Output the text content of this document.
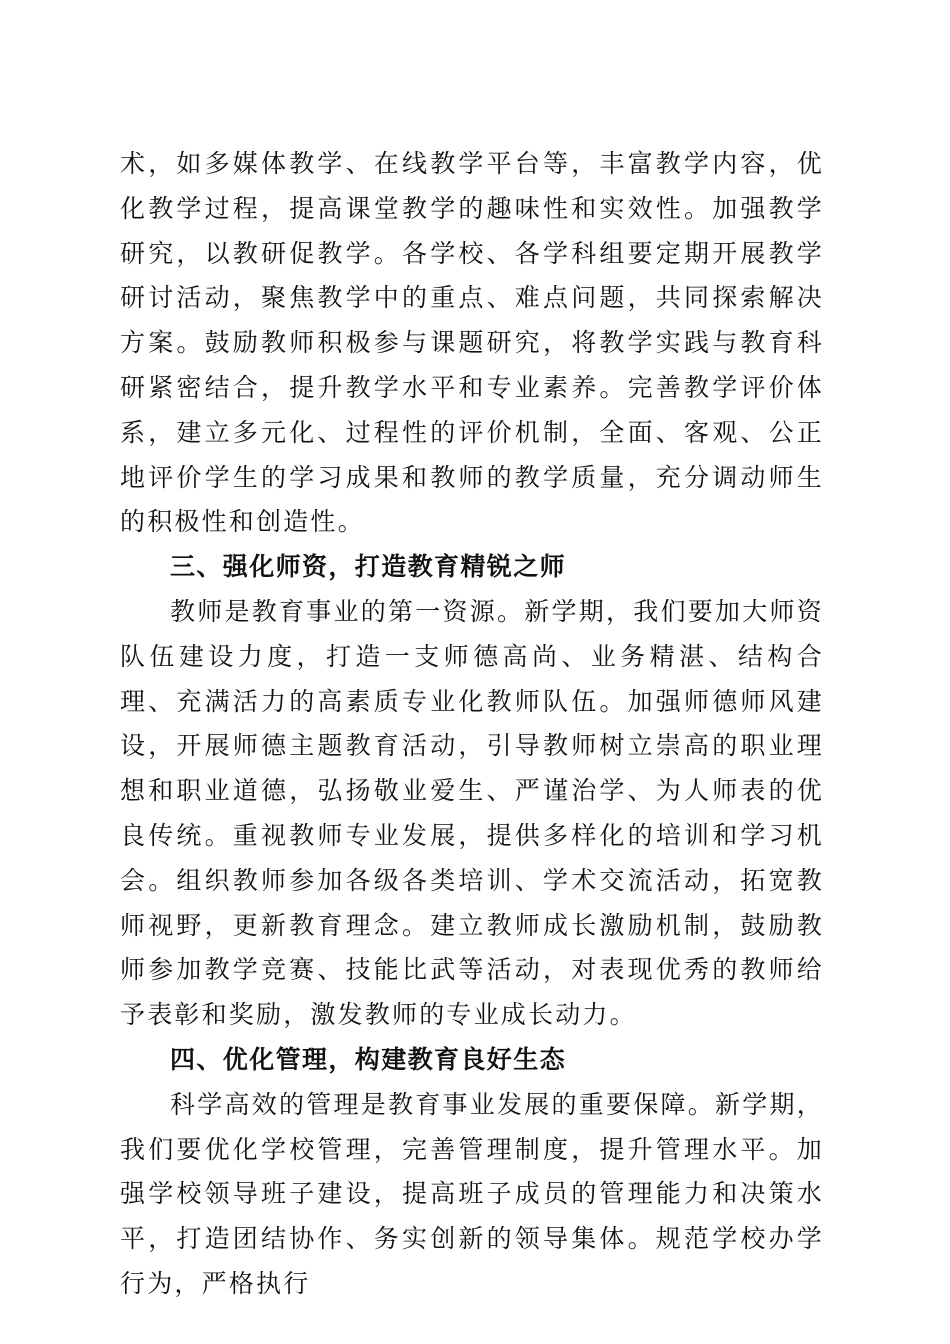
术，如多媒体教学、在线教学平台等，丰富教学内容，优化教学过程，提高课堂教学的趣味性和实效性。加强教学研究，以教研促教学。各学校、各学科组要定期开展教学研讨活动，聚焦教学中的重点、难点问题，共同探索解决方案。鼓励教师积极参与课题研究，将教学实践与教育科研紧密结合，提升教学水平和专业素养。完善教学评价体系，建立多元化、过程性的评价机制，全面、客观、公正地评价学生的学习成果和教师的教学质量，充分调动师生的积极性和创造性。

三、强化师资，打造教育精锐之师

教师是教育事业的第一资源。新学期，我们要加大师资队伍建设力度，打造一支师德高尚、业务精湛、结构合理、充满活力的高素质专业化教师队伍。加强师德师风建设，开展师德主题教育活动，引导教师树立崇高的职业理想和职业道德，弘扬敬业爱生、严谨治学、为人师表的优良传统。重视教师专业发展，提供多样化的培训和学习机会。组织教师参加各级各类培训、学术交流活动，拓宽教师视野，更新教育理念。建立教师成长激励机制，鼓励教师参加教学竞赛、技能比武等活动，对表现优秀的教师给予表彰和奖励，激发教师的专业成长动力。

四、优化管理，构建教育良好生态

科学高效的管理是教育事业发展的重要保障。新学期，我们要优化学校管理，完善管理制度，提升管理水平。加强学校领导班子建设，提高班子成员的管理能力和决策水平，打造团结协作、务实创新的领导集体。规范学校办学行为，严格执行
